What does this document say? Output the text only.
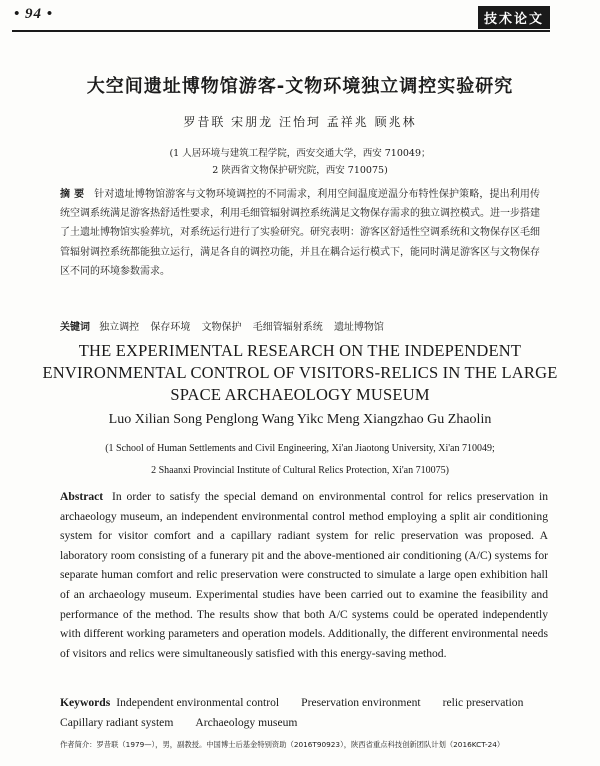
• 94 •	技术论文
大空间遗址博物馆游客-文物环境独立调控实验研究
罗昔联 宋朋龙 汪怡珂 孟祥兆 顾兆林
(1 人居环境与建筑工程学院，西安交通大学，西安 710049；
2 陕西省文物保护研究院，西安 710075)
摘要 针对遗址博物馆游客与文物环境调控的不同需求，利用空间温度逆温分布特性保护策略，提出利用传统空调系统满足游客热舒适性要求，利用毛细管辐射调控系统满足文物保存需求的独立调控模式。进一步搭建了土遗址博物馆实验葬坑，对系统运行进行了实验研究。研究表明：游客区舒适性空调系统和文物保存区毛细管辐射调控系统都能独立运行，满足各自的调控功能，并且在耦合运行模式下，能同时满足游客区与文物保存区不同的环境参数需求。
关键词 独立调控 保存环境 文物保护 毛细管辐射系统 遗址博物馆
THE EXPERIMENTAL RESEARCH ON THE INDEPENDENT ENVIRONMENTAL CONTROL OF VISITORS-RELICS IN THE LARGE SPACE ARCHAEOLOGY MUSEUM
Luo Xilian Song Penglong Wang Yikc Meng Xiangzhao Gu Zhaolin
(1 School of Human Settlements and Civil Engineering, Xi'an Jiaotong University, Xi'an 710049;
2 Shaanxi Provincial Institute of Cultural Relics Protection, Xi'an 710075)
Abstract In order to satisfy the special demand on environmental control for relics preservation in archaeology museum, an independent environmental control method employing a split air conditioning system for visitor comfort and a capillary radiant system for relic preservation was proposed. A laboratory room consisting of a funerary pit and the above-mentioned air conditioning (A/C) systems for separate human comfort and relic preservation were constructed to simulate a large open exhibition hall of an archaeology museum. Experimental studies have been carried out to examine the feasibility and performance of the method. The results show that both A/C systems could be operated independently with different working parameters and operation models. Additionally, the different environmental needs of visitors and relics were simultaneously satisfied with this energy-saving method.
Keywords Independent environmental control Preservation environment relic preservation
Capillary radiant system Archaeology museum
作者简介：罗昔联（1979—），男，副教授。中国博士后基金特别资助（2016T90923），陕西省重点科技创新团队计划（2016KCT-24）
